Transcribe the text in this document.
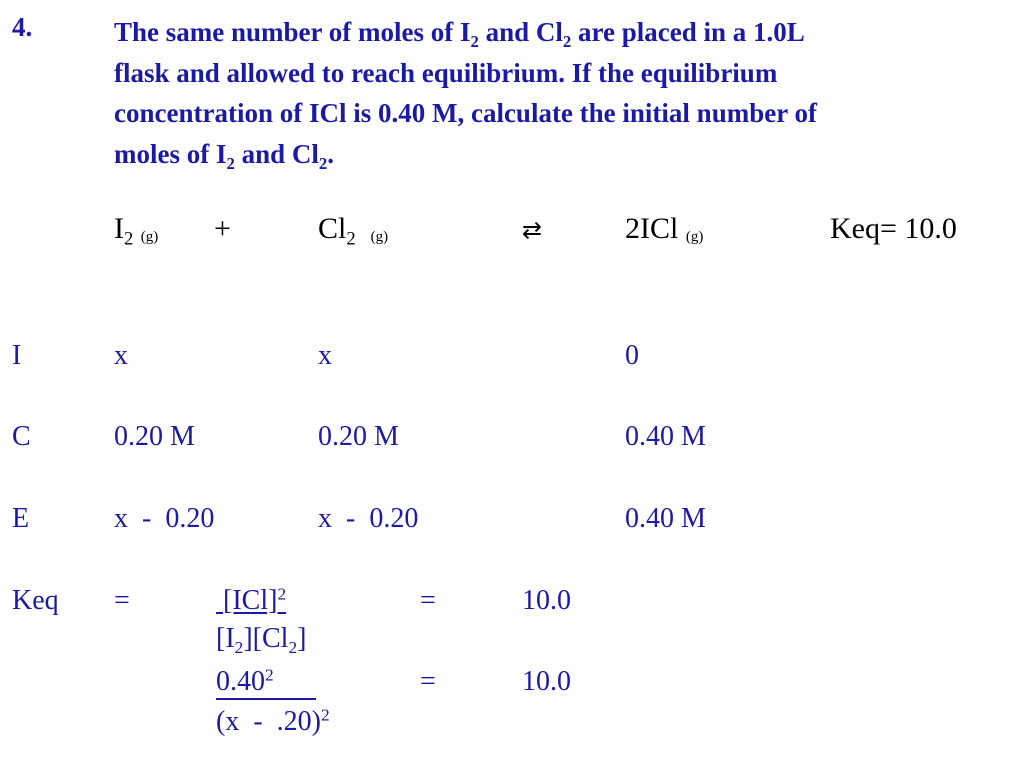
4.	The same number of moles of $I_2$ and $Cl_2$ are placed in a 1.0L
flask and allowed to reach equilibrium. If the equilibrium
concentration of ICl is 0.40 M, calculate the initial number of
moles of $I_2$ and $Cl_2$.
$I_2$ (g) +	$Cl_2$ (g)	⇄	2ICl (g)	Keq= 10.0
I	x	x	0
C	0.20 M	0.20 M	0.40 M
E	x  -  0.20	x  -  0.20	0.40 M
Keq =	[ICl]$^2$
$[I_2][Cl_2]$
=	10.0
0.40$^2$
(x  -  .20)$^2$
=	10.0
